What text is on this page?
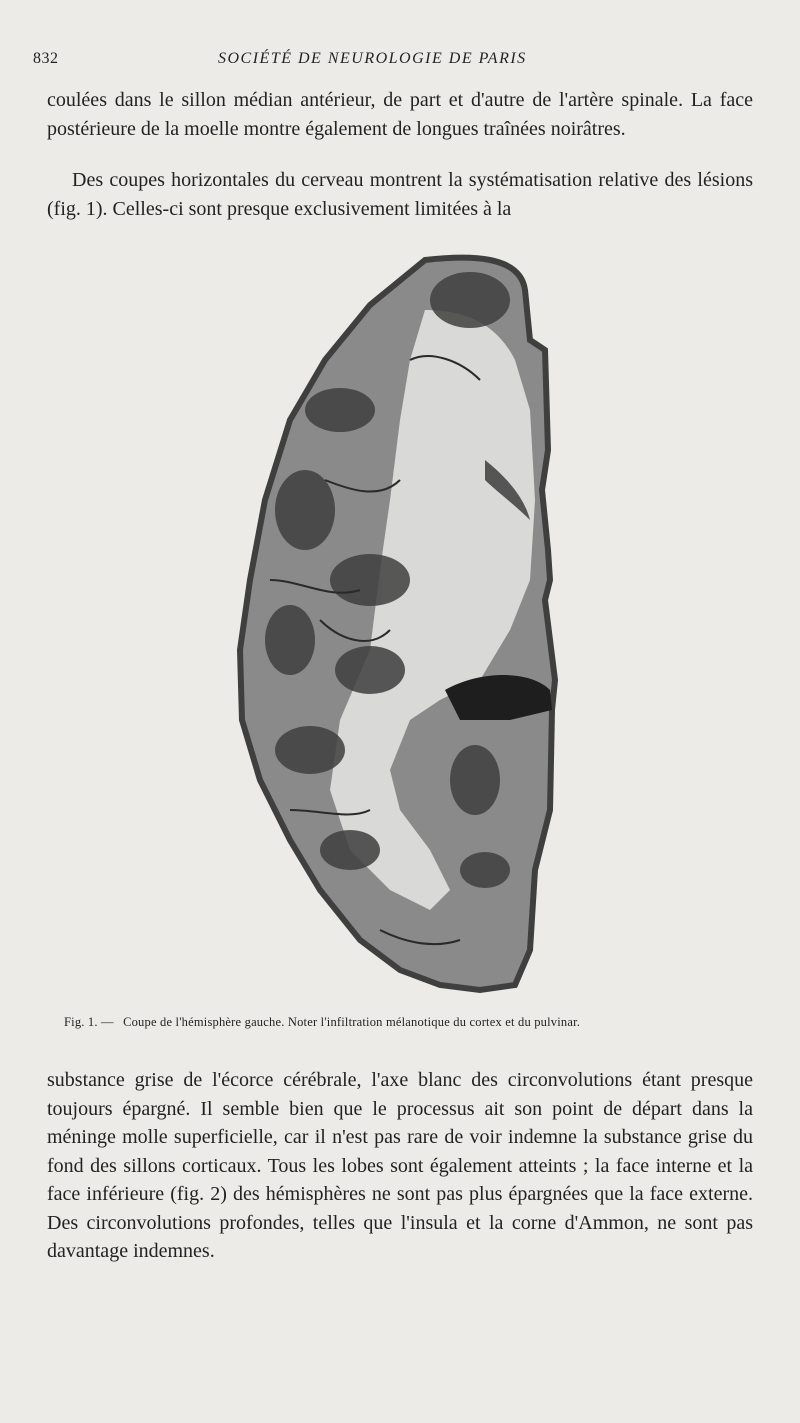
832	SOCIÉTÉ DE NEUROLOGIE DE PARIS

coulées dans le sillon médian antérieur, de part et d'autre de l'artère spinale. La face postérieure de la moelle montre également de longues traînées noirâtres.

Des coupes horizontales du cerveau montrent la systématisation relative des lésions (fig. 1). Celles-ci sont presque exclusivement limitées à la

Fig. 1. — Coupe de l'hémisphère gauche. Noter l'infiltration mélanotique du cortex et du pulvinar.

substance grise de l'écorce cérébrale, l'axe blanc des circonvolutions étant presque toujours épargné. Il semble bien que le processus ait son point de départ dans la méninge molle superficielle, car il n'est pas rare de voir indemne la substance grise du fond des sillons corticaux. Tous les lobes sont également atteints ; la face interne et la face inférieure (fig. 2) des hémisphères ne sont pas plus épargnées que la face externe. Des circonvolutions profondes, telles que l'insula et la corne d'Ammon, ne sont pas davantage indemnes.
